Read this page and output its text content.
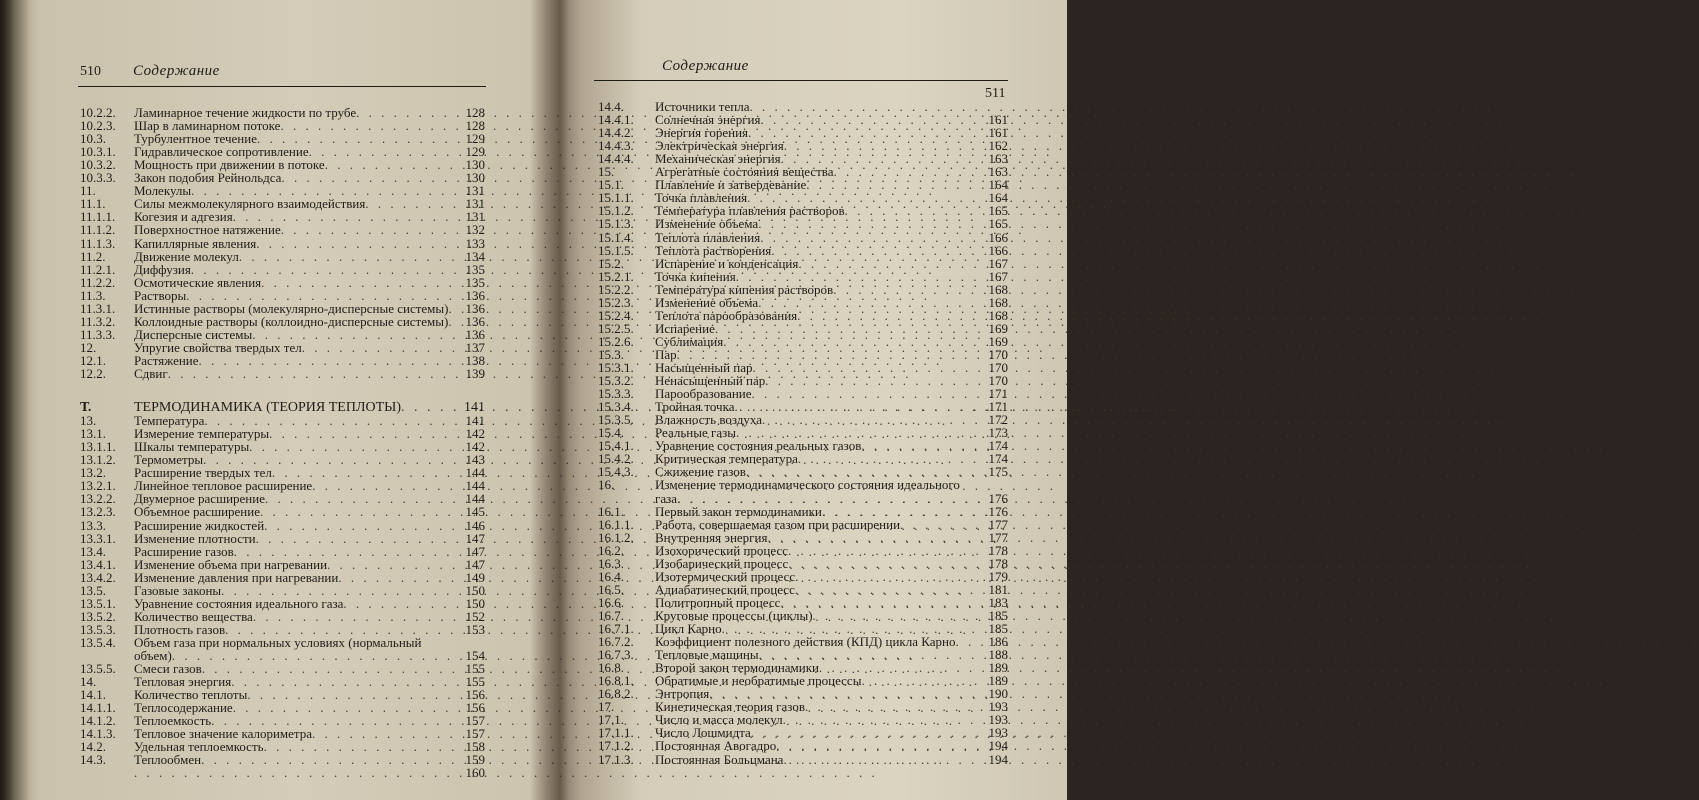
510 Содержание
10.2.2.	Ламинарное течение жидкости по трубе . . .	128
10.2.3.	Шар в ламинарном потоке . . .	128
10.3.	Турбулентное течение . . .	129
10.3.1.	Гидравлическое сопротивление . . .	129
10.3.2.	Мощность при движении в потоке . . .	130
10.3.3.	Закон подобия Рейнольдса . . .	130
11.	Молекулы . . .	131
11.1.	Силы межмолекулярного взаимодействия . . .	131
11.1.1.	Когезия и адгезия . . .	131
11.1.2.	Поверхностное натяжение . . .	132
11.1.3.	Капиллярные явления . . .	133
11.2.	Движение молекул . . .	134
11.2.1.	Диффузия . . .	135
11.2.2.	Осмотические явления . . .	135
11.3.	Растворы . . .	136
11.3.1.	Истинные растворы (молекулярно-дисперсные системы) . . . 136
11.3.2.	Коллоидные растворы (коллоидно-дисперсные системы) . . . 136
11.3.3.	Дисперсные системы . . .	136
12.	Упругие свойства твердых тел . . .	137
12.1.	Растяжение . . .	138
12.2.	Сдвиг . . .	139
Т.	ТЕРМОДИНАМИКА (ТЕОРИЯ ТЕПЛОТЫ) . . .	141
13.	Температура . . .	141
13.1.	Измерение температуры . . .	142
13.1.1.	Шкалы температуры . . .	142
13.1.2.	Термометры . . .	143
13.2.	Расширение твердых тел . . .	144
13.2.1.	Линейное тепловое расширение . . .	144
13.2.2.	Двумерное расширение . . .	144
13.2.3.	Объемное расширение . . .	145
13.3.	Расширение жидкостей . . .	146
13.3.1.	Изменение плотности . . .	147
13.4.	Расширение газов . . .	147
13.4.1.	Изменение объема при нагревании . . .	147
13.4.2.	Изменение давления при нагревании . . .	149
13.5.	Газовые законы . . .	150
13.5.1.	Уравнение состояния идеального газа . . .	150
13.5.2.	Количество вещества . . .	152
13.5.3.	Плотность газов . . .	153
13.5.4.	Объем газа при нормальных условиях (нормальный
объем) . . .	154
13.5.5.	Смеси газов . . .	155
14.	Тепловая энергия . . .	155
14.1.	Количество теплоты . . .	156
14.1.1.	Теплосодержание . . .	156
14.1.2.	Теплоемкость . . .	157
14.1.3.	Тепловое значение калориметра . . .	157
14.2.	Удельная теплоемкость . . .	158
14.3.	Теплообмен . . .	159
. . .
160
Содержание
511
14.4.	Источники тепла
. . .
14.4.1.	Солнечная энергия . . .	161
14.4.2.	Энергия горения . . .	161
14.4.3.	Электрическая энергия . . .	162
14.4.4.	Механическая энергия . . .	163
15.	Агрегатные состояния вещества . . .	163
15.1.	Плавление и затвердевание . . .	164
15.1.1.	Точка плавления . . .	164
15.1.2.	Температура плавления растворов . . .	165
15.1.3.	Изменение объема . . .	165
15.1.4.	Теплота плавления . . .	166
15.1.5.	Теплота растворения . . .	166
15.2.	Испарение и конденсация . . .	167
15.2.1.	Точка кипения . . .	167
15.2.2.	Температура кипения растворов . . .	168
15.2.3.	Изменение объема . . .	168
15.2.4.	Теплота парообразования . . .	168
15.2.5.	Испарение . . .	169
15.2.6.	Сублимация . . .	169
15.3.	Пар . . .	170
15.3.1.	Насыщенный пар . . .	170
15.3.2.	Ненасыщенный пар . . .	170
15.3.3.	Парообразование . . .	171
15.3.4.	Тройная точка . . .	171
15.3.5.	Влажность воздуха . . .	172
15.4.	Реальные газы . . .	173
15.4.1.	Уравнение состояния реальных газов . . .	174
15.4.2.	Критическая температура . . .	174
15.4.3.	Сжижение газов . . .	175
16.	Изменение термодинамического состояния идеального
газа . . .	176
16.1.	Первый закон термодинамики . . .	176
16.1.1.	Работа, совершаемая газом при расширении . . .	177
16.1.2.	Внутренняя энергия . . .	177
16.2.	Изохорический процесс . . .	178
16.3.	Изобарический процесс . . .	178
16.4.	Изотермический процесс . . .	179
16.5.	Адиабатический процесс . . .	181
16.6.	Политропный процесс . . .	183
16.7.	Круговые процессы (циклы) . . .	185
16.7.1.	Цикл Карно . . .	185
16.7.2.	Коэффициент полезного действия (КПД) цикла Карно . . .	186
16.7.3.	Тепловые машины . . .	188
16.8.	Второй закон термодинамики . . .	189
16.8.1.	Обратимые и необратимые процессы . . .	189
16.8.2.	Энтропия . . .	190
17.	Кинетическая теория газов . . .	193
17.1.	Число и масса молекул . . .	193
17.1.1.	Число Лошмидта . . .	193
17.1.2.	Постоянная Авогадро . . .	194
17.1.3.	Постоянная Больцмана . . .	194
